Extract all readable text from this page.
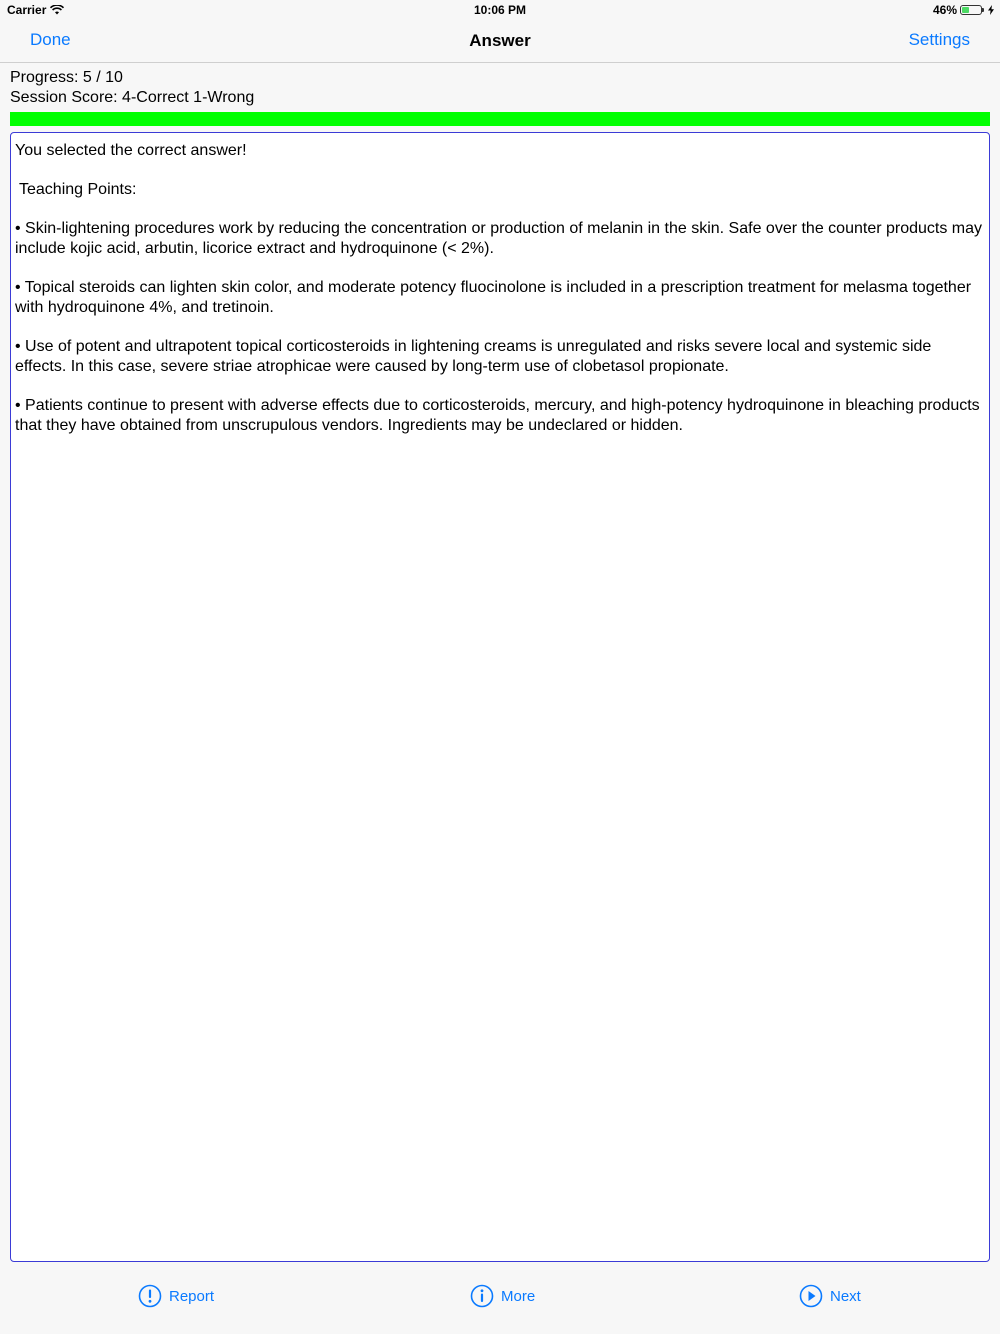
Carrier	10:06 PM	46%
Done	Answer	Settings
Progress: 5 / 10
Session Score: 4-Correct 1-Wrong

You selected the correct answer!

Teaching Points:

• Skin-lightening procedures work by reducing the concentration or production of melanin in the skin. Safe over the counter products may include kojic acid, arbutin, licorice extract and hydroquinone (< 2%).

• Topical steroids can lighten skin color, and moderate potency fluocinolone is included in a prescription treatment for melasma together with hydroquinone 4%, and tretinoin.

• Use of potent and ultrapotent topical corticosteroids in lightening creams is unregulated and risks severe local and systemic side effects. In this case, severe striae atrophicae were caused by long-term use of clobetasol propionate.

• Patients continue to present with adverse effects due to corticosteroids, mercury, and high-potency hydroquinone in bleaching products that they have obtained from unscrupulous vendors. Ingredients may be undeclared or hidden.

Report	More	Next
